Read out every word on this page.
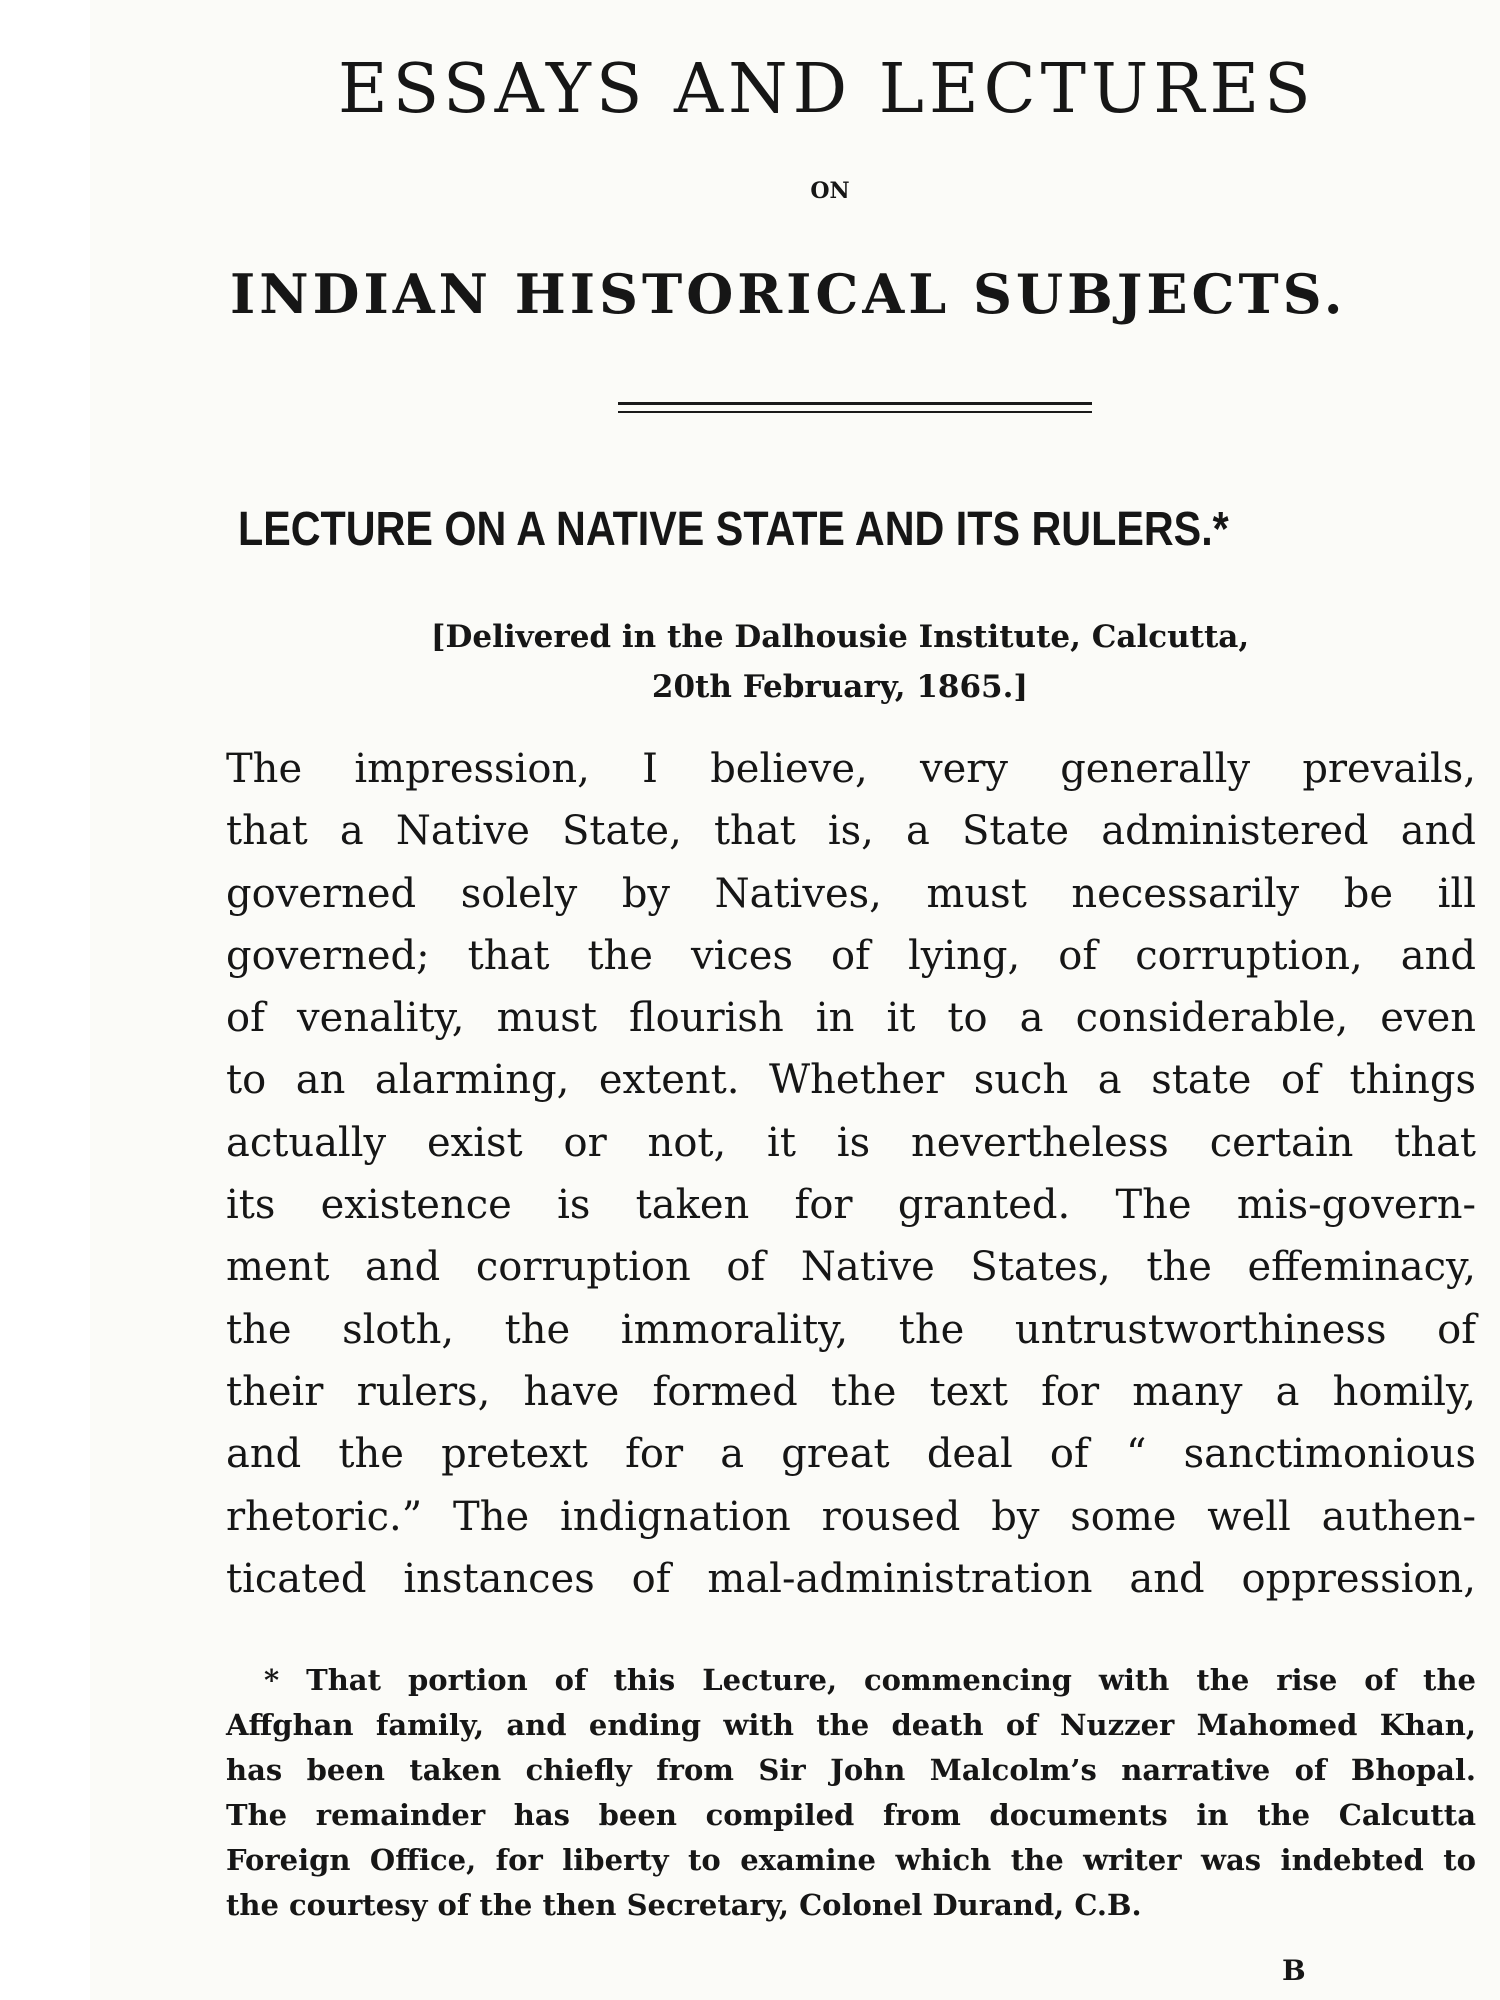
ESSAYS AND LECTURES
ON
INDIAN HISTORICAL SUBJECTS.
LECTURE ON A NATIVE STATE AND ITS RULERS.*
[Delivered in the Dalhousie Institute, Calcutta,
20th February, 1865.]
The impression, I believe, very generally prevails,
that a Native State, that is, a State administered and
governed solely by Natives, must necessarily be ill
governed; that the vices of lying, of corruption, and
of venality, must flourish in it to a considerable, even
to an alarming, extent. Whether such a state of things
actually exist or not, it is nevertheless certain that
its existence is taken for granted. The mis-govern-
ment and corruption of Native States, the effeminacy,
the sloth, the immorality, the untrustworthiness of
their rulers, have formed the text for many a homily,
and the pretext for a great deal of “ sanctimonious
rhetoric.” The indignation roused by some well authen-
ticated instances of mal-administration and oppression,
* That portion of this Lecture, commencing with the rise of the
Affghan family, and ending with the death of Nuzzer Mahomed Khan,
has been taken chiefly from Sir John Malcolm’s narrative of Bhopal.
The remainder has been compiled from documents in the Calcutta
Foreign Office, for liberty to examine which the writer was indebted to
the courtesy of the then Secretary, Colonel Durand, C.B.
B
